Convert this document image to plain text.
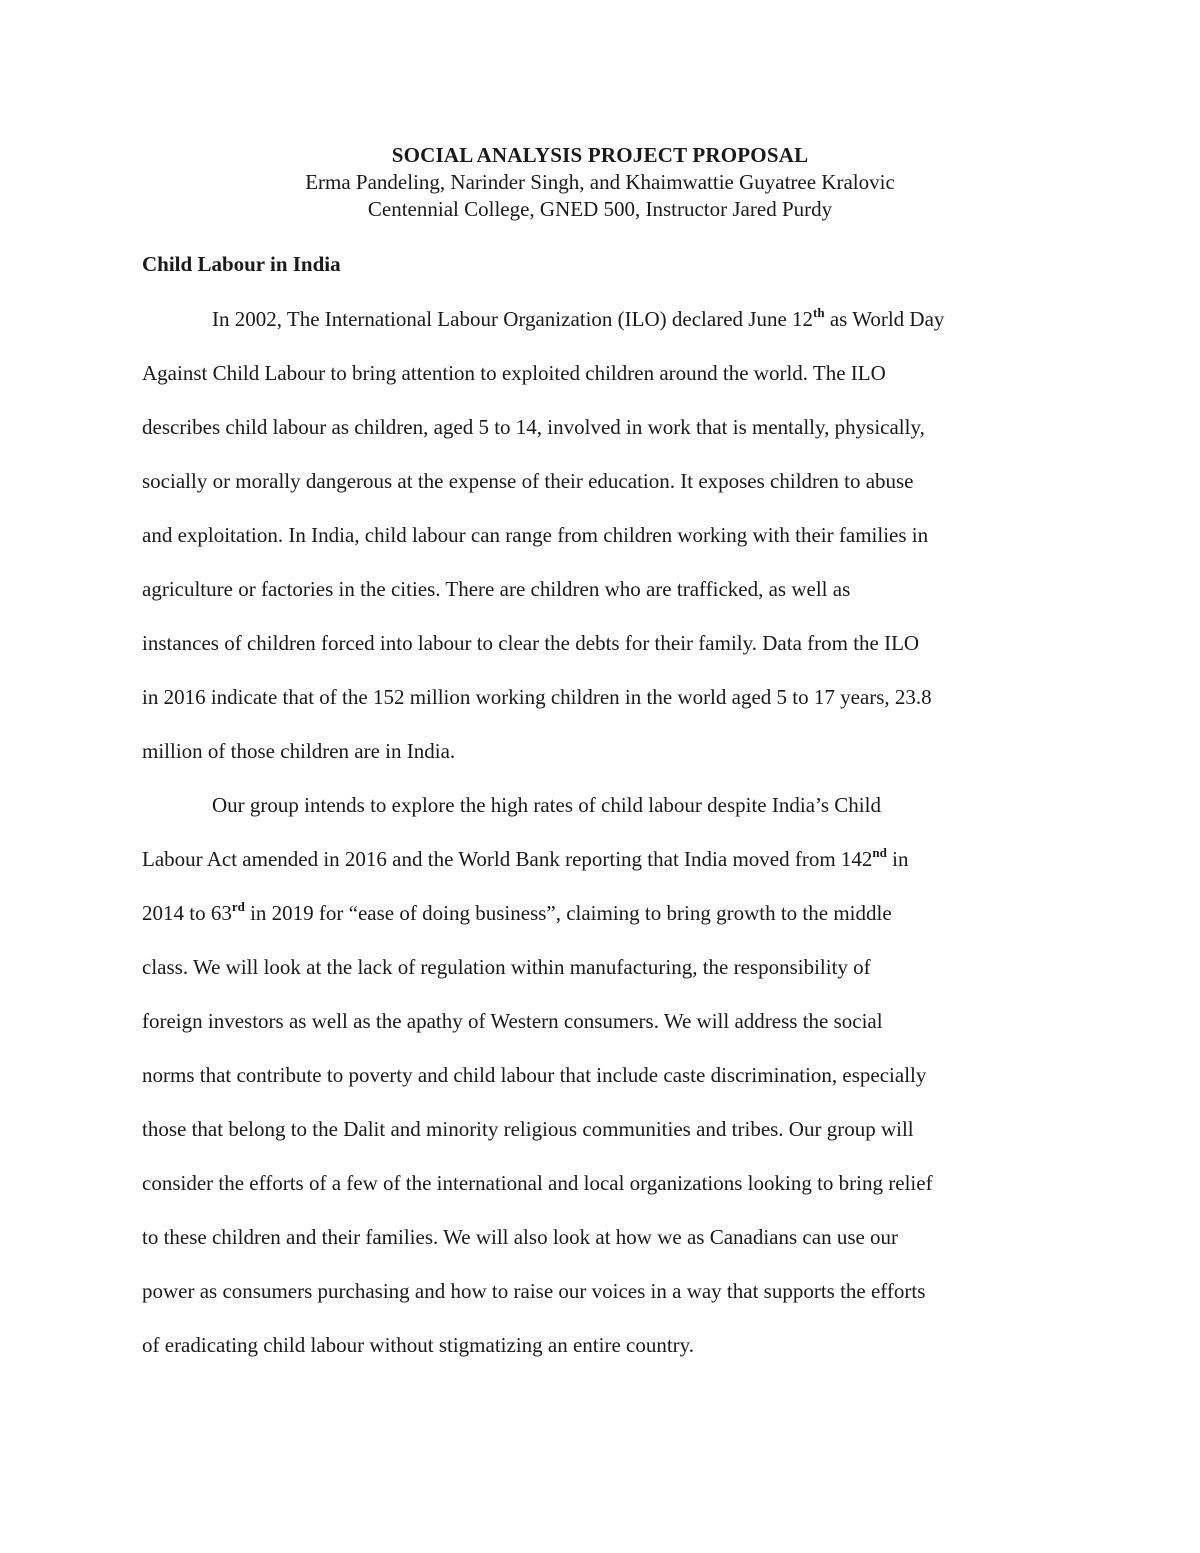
SOCIAL ANALYSIS PROJECT PROPOSAL
Erma Pandeling, Narinder Singh, and Khaimwattie Guyatree Kralovic
Centennial College, GNED 500, Instructor Jared Purdy
Child Labour in India
In 2002, The International Labour Organization (ILO) declared June 12th as World Day
Against Child Labour to bring attention to exploited children around the world. The ILO
describes child labour as children, aged 5 to 14, involved in work that is mentally, physically,
socially or morally dangerous at the expense of their education. It exposes children to abuse
and exploitation. In India, child labour can range from children working with their families in
agriculture or factories in the cities. There are children who are trafficked, as well as
instances of children forced into labour to clear the debts for their family. Data from the ILO
in 2016 indicate that of the 152 million working children in the world aged 5 to 17 years, 23.8
million of those children are in India.
Our group intends to explore the high rates of child labour despite India’s Child
Labour Act amended in 2016 and the World Bank reporting that India moved from 142nd in
2014 to 63rd in 2019 for “ease of doing business”, claiming to bring growth to the middle
class. We will look at the lack of regulation within manufacturing, the responsibility of
foreign investors as well as the apathy of Western consumers. We will address the social
norms that contribute to poverty and child labour that include caste discrimination, especially
those that belong to the Dalit and minority religious communities and tribes. Our group will
consider the efforts of a few of the international and local organizations looking to bring relief
to these children and their families. We will also look at how we as Canadians can use our
power as consumers purchasing and how to raise our voices in a way that supports the efforts
of eradicating child labour without stigmatizing an entire country.
